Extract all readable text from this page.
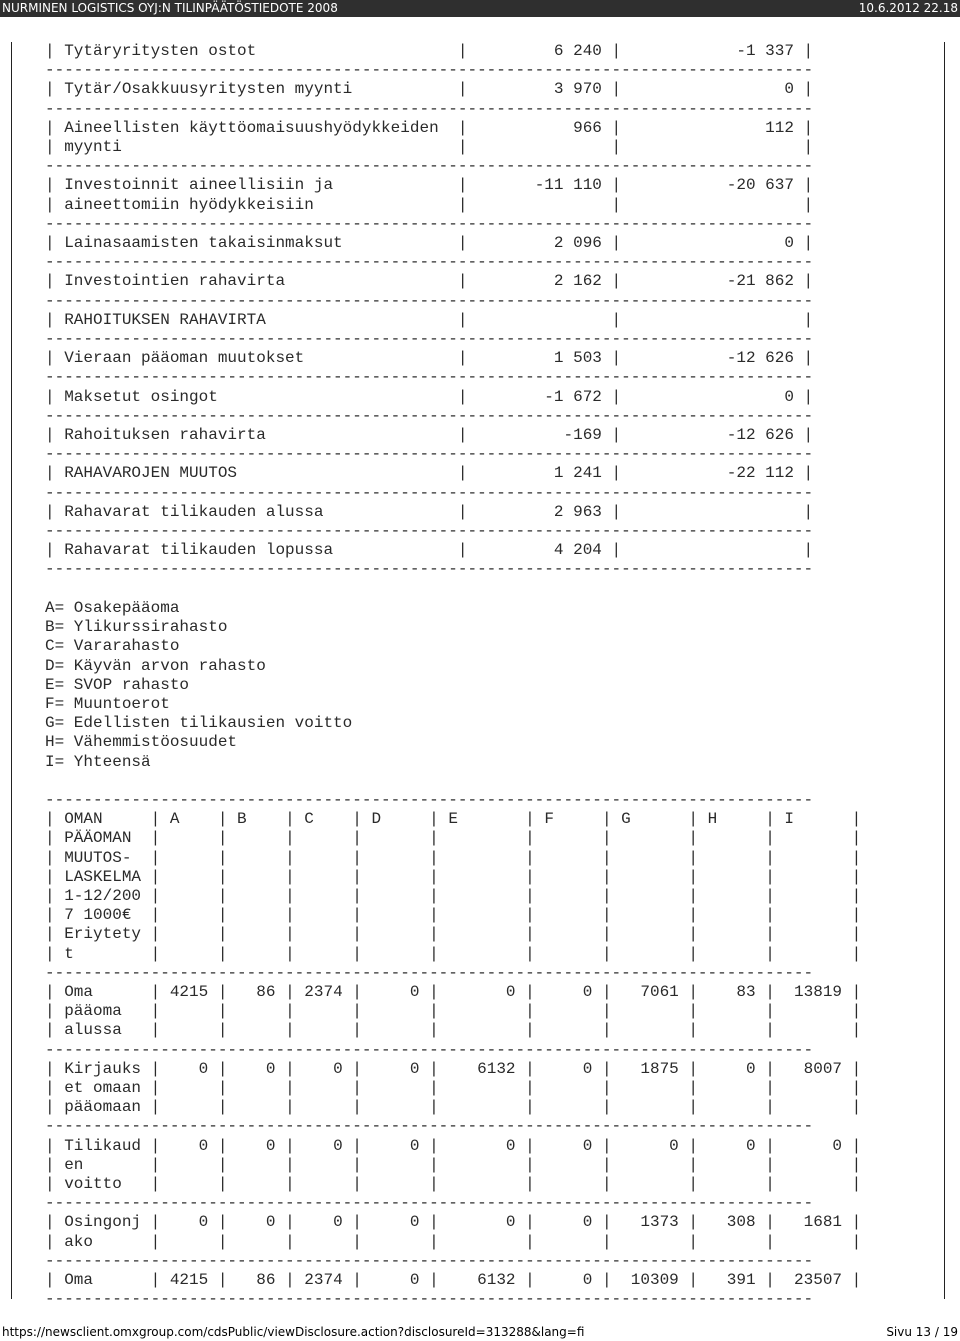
NURMINEN LOGISTICS OYJ:N TILINPÄÄTÖSTIEDOTE 2008	10.6.2012 22.18
| Tytäryritysten ostot                     |         6 240 |            -1 337 |
--------------------------------------------------------------------------------
| Tytär/Osakkuusyritysten myynti           |         3 970 |                 0 |
--------------------------------------------------------------------------------
| Aineellisten käyttöomaisuushyödykkeiden  |           966 |               112 |
| myynti                                   |	|	|
--------------------------------------------------------------------------------
| Investoinnit aineellisiin ja             |       -11 110 |           -20 637 |
| aineettomiin hyödykkeisiin               |	|	|
--------------------------------------------------------------------------------
| Lainasaamisten takaisinmaksut            |         2 096 |                 0 |
--------------------------------------------------------------------------------
| Investointien rahavirta                  |         2 162 |           -21 862 |
--------------------------------------------------------------------------------
| RAHOITUKSEN RAHAVIRTA                    |	|	|
--------------------------------------------------------------------------------
| Vieraan pääoman muutokset                |         1 503 |           -12 626 |
--------------------------------------------------------------------------------
| Maksetut osingot                         |        -1 672 |                 0 |
--------------------------------------------------------------------------------
| Rahoituksen rahavirta                    |          -169 |           -12 626 |
--------------------------------------------------------------------------------
| RAHAVAROJEN MUUTOS                       |         1 241 |           -22 112 |
--------------------------------------------------------------------------------
| Rahavarat tilikauden alussa              |         2 963 |	|
--------------------------------------------------------------------------------
| Rahavarat tilikauden lopussa             |         4 204 |	|
--------------------------------------------------------------------------------

A= Osakepääoma
B= Ylikurssirahasto
C= Vararahasto
D= Käyvän arvon rahasto
E= SVOP rahasto
F= Muuntoerot
G= Edellisten tilikausien voitto
H= Vähemmistöosuudet
I= Yhteensä

--------------------------------------------------------------------------------
| OMAN     | A    | B    | C    | D     | E       | F     | G      | H     | I      |
| PÄÄOMAN  |	|	|	|	|	|	|	|	|	|
| MUUTOS-  |	|	|	|	|	|	|	|	|	|
| LASKELMA |	|	|	|	|	|	|	|	|	|
| 1-12/200 |	|	|	|	|	|	|	|	|	|
| 7 1000€  |	|	|	|	|	|	|	|	|	|
| Eriytety |	|	|	|	|	|	|	|	|	|
| t        |	|	|	|	|	|	|	|	|	|
--------------------------------------------------------------------------------
| Oma      | 4215 |   86 | 2374 |     0 |       0 |     0 |   7061 |    83 |  13819 |
| pääoma   |	|	|	|	|	|	|	|	|	|
| alussa   |	|	|	|	|	|	|	|	|	|
--------------------------------------------------------------------------------
| Kirjauks |    0 |    0 |    0 |     0 |    6132 |     0 |   1875 |     0 |   8007 |
| et omaan |	|	|	|	|	|	|	|	|	|
| pääomaan |	|	|	|	|	|	|	|	|	|
--------------------------------------------------------------------------------
| Tilikaud |    0 |    0 |    0 |     0 |       0 |     0 |      0 |     0 |      0 |
| en       |	|	|	|	|	|	|	|	|	|
| voitto   |	|	|	|	|	|	|	|	|	|
--------------------------------------------------------------------------------
| Osingonj |    0 |    0 |    0 |     0 |       0 |     0 |   1373 |   308 |   1681 |
| ako      |	|	|	|	|	|	|	|	|	|
--------------------------------------------------------------------------------
| Oma      | 4215 |   86 | 2374 |     0 |    6132 |     0 |  10309 |   391 |  23507 |
--------------------------------------------------------------------------------

https://newsclient.omxgroup.com/cdsPublic/viewDisclosure.action?disclosureId=313288&lang=fi	Sivu 13 / 19
